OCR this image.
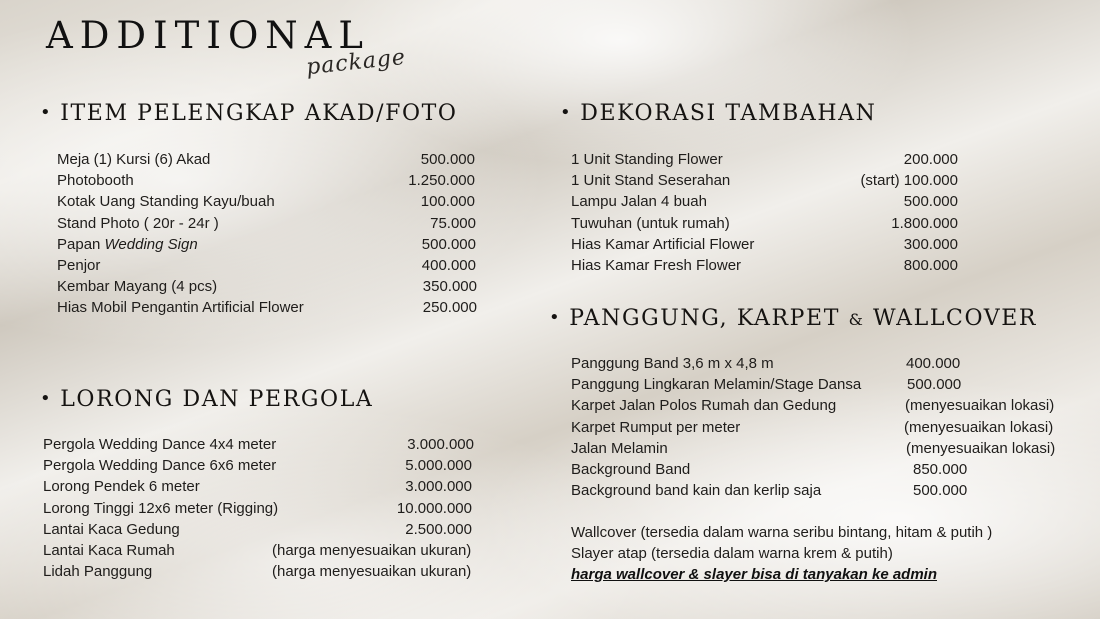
ADDITIONAL
package
• ITEM PELENGKAP AKAD/FOTO
Meja (1) Kursi (6) Akad	500.000
Photobooth	1.250.000
Kotak Uang Standing Kayu/buah	100.000
Stand Photo ( 20r - 24r )	75.000
Papan Wedding Sign	500.000
Penjor	400.000
Kembar Mayang (4 pcs)	350.000
Hias Mobil Pengantin Artificial Flower	250.000
• LORONG DAN PERGOLA
Pergola Wedding Dance 4x4 meter	3.000.000
Pergola Wedding Dance 6x6 meter	5.000.000
Lorong Pendek 6 meter	3.000.000
Lorong Tinggi 12x6 meter (Rigging)	10.000.000
Lantai Kaca Gedung	2.500.000
Lantai Kaca Rumah	(harga menyesuaikan ukuran)
Lidah Panggung	(harga menyesuaikan ukuran)
• DEKORASI TAMBAHAN
1 Unit Standing Flower	200.000
1 Unit Stand Seserahan	(start) 100.000
Lampu Jalan 4 buah	500.000
Tuwuhan (untuk rumah)	1.800.000
Hias Kamar Artificial Flower	300.000
Hias Kamar Fresh Flower	800.000
• PANGGUNG, KARPET & WALLCOVER
Panggung Band 3,6 m x 4,8 m	400.000
Panggung Lingkaran Melamin/Stage Dansa	500.000
Karpet Jalan Polos Rumah dan Gedung	(menyesuaikan lokasi)
Karpet Rumput per meter	(menyesuaikan lokasi)
Jalan Melamin	(menyesuaikan lokasi)
Background Band	850.000
Background band kain dan kerlip saja	500.000
Wallcover (tersedia dalam warna seribu bintang, hitam & putih )
Slayer atap (tersedia dalam warna krem & putih)
harga wallcover & slayer bisa di tanyakan ke admin
